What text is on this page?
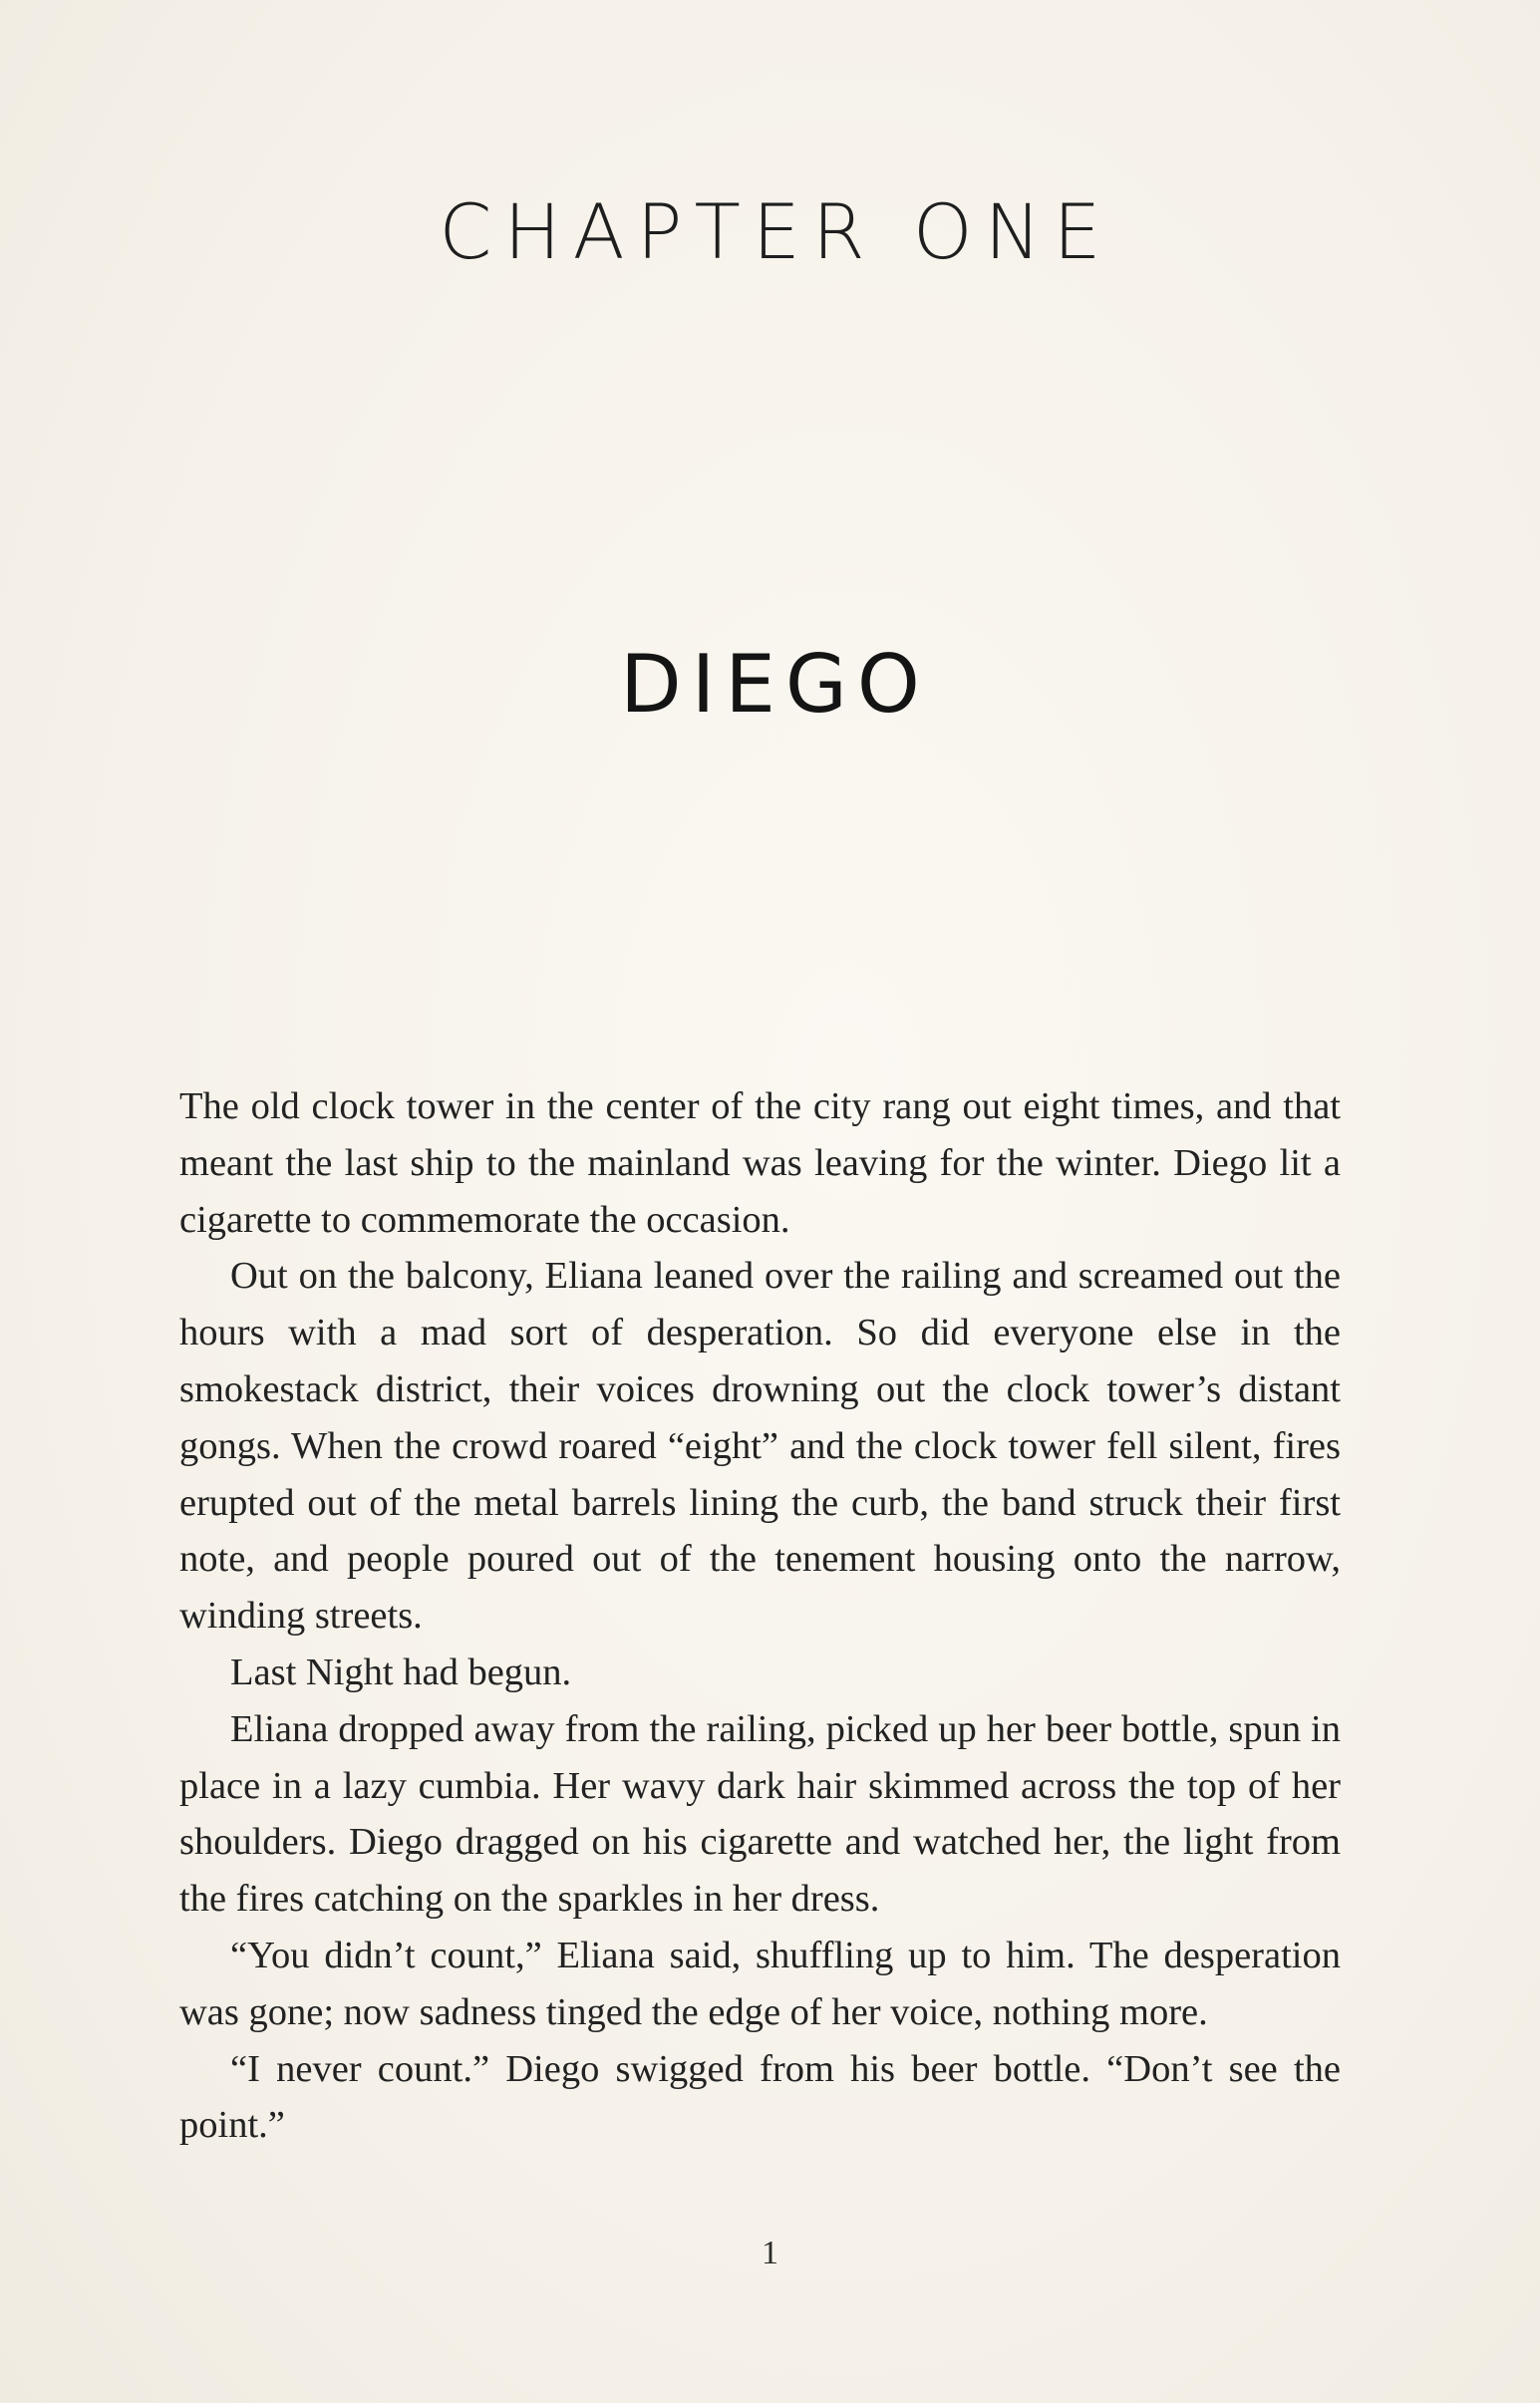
CHAPTER ONE
DIEGO

The old clock tower in the center of the city rang out eight times, and that meant the last ship to the mainland was leaving for the winter. Diego lit a cigarette to commemorate the occasion.

Out on the balcony, Eliana leaned over the railing and screamed out the hours with a mad sort of desperation. So did everyone else in the smokestack district, their voices drowning out the clock tower’s distant gongs. When the crowd roared “eight” and the clock tower fell silent, fires erupted out of the metal barrels lining the curb, the band struck their first note, and people poured out of the tenement housing onto the narrow, winding streets.

Last Night had begun.

Eliana dropped away from the railing, picked up her beer bottle, spun in place in a lazy cumbia. Her wavy dark hair skimmed across the top of her shoulders. Diego dragged on his cigarette and watched her, the light from the fires catching on the sparkles in her dress.

“You didn’t count,” Eliana said, shuffling up to him. The desperation was gone; now sadness tinged the edge of her voice, nothing more.

“I never count.” Diego swigged from his beer bottle. “Don’t see the point.”

1
